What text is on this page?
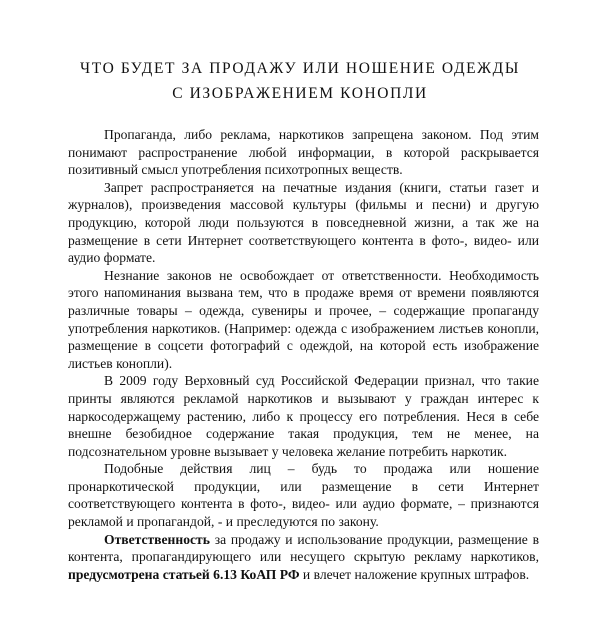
ЧТО БУДЕТ ЗА ПРОДАЖУ ИЛИ НОШЕНИЕ ОДЕЖДЫ
С ИЗОБРАЖЕНИЕМ КОНОПЛИ

Пропаганда, либо реклама, наркотиков запрещена законом. Под этим понимают распространение любой информации, в которой раскрывается позитивный смысл употребления психотропных веществ.

Запрет распространяется на печатные издания (книги, статьи газет и журналов), произведения массовой культуры (фильмы и песни) и другую продукцию, которой люди пользуются в повседневной жизни, а так же на размещение в сети Интернет соответствующего контента в фото-, видео- или аудио формате.

Незнание законов не освобождает от ответственности. Необходимость этого напоминания вызвана тем, что в продаже время от времени появляются различные товары – одежда, сувениры и прочее, – содержащие пропаганду употребления наркотиков. (Например: одежда с изображением листьев конопли, размещение в соцсети фотографий с одеждой, на которой есть изображение листьев конопли).

В 2009 году Верховный суд Российской Федерации признал, что такие принты являются рекламой наркотиков и вызывают у граждан интерес к наркосодержащему растению, либо к процессу его потребления. Неся в себе внешне безобидное содержание такая продукция, тем не менее, на подсознательном уровне вызывает у человека желание потребить наркотик.

Подобные действия лиц – будь то продажа или ношение пронаркотической продукции, или размещение в сети Интернет соответствующего контента в фото-, видео- или аудио формате, – признаются рекламой и пропагандой, - и преследуются по закону.

Ответственность за продажу и использование продукции, размещение в контента, пропагандирующего или несущего скрытую рекламу наркотиков, предусмотрена статьей 6.13 КоАП РФ и влечет наложение крупных штрафов.
